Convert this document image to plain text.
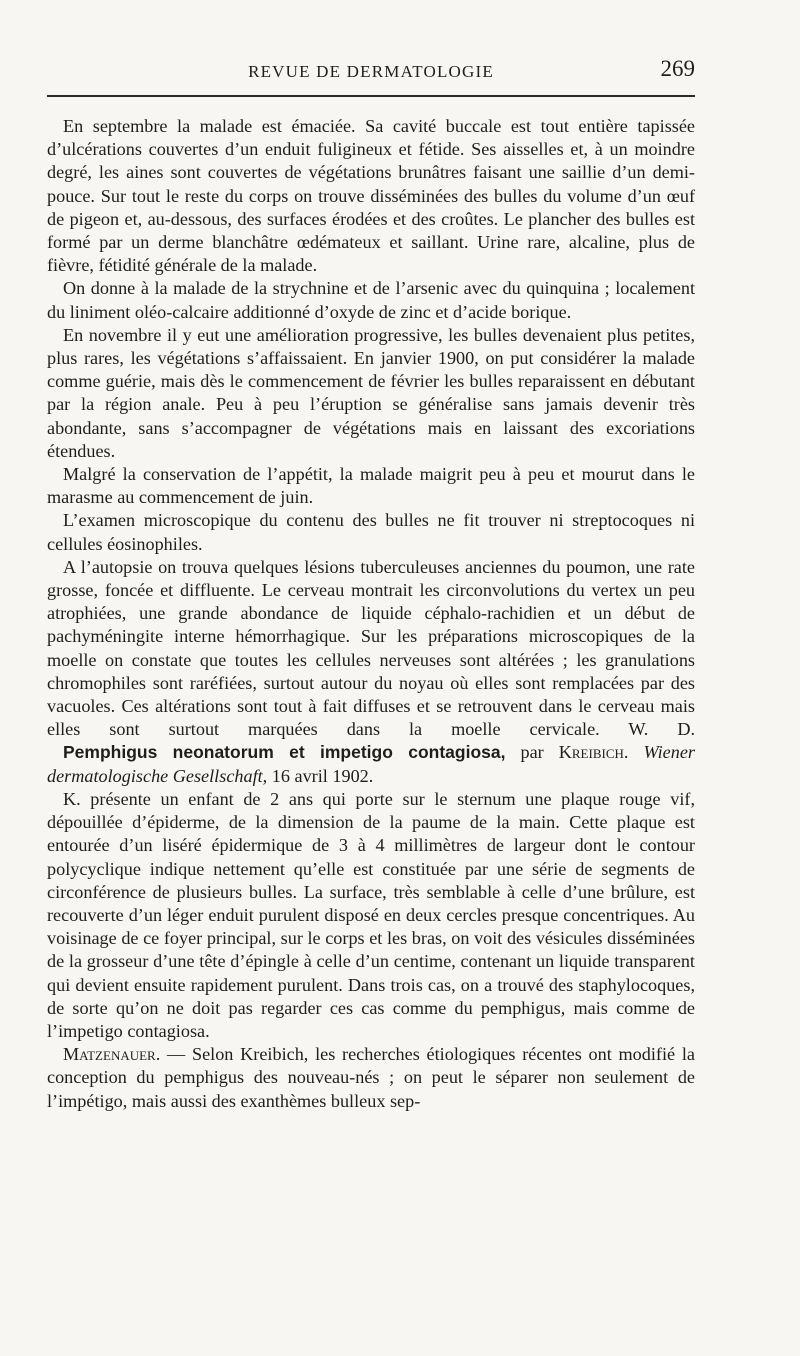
REVUE DE DERMATOLOGIE	269

En septembre la malade est émaciée. Sa cavité buccale est tout entière tapissée d’ulcérations couvertes d’un enduit fuligineux et fétide. Ses aisselles et, à un moindre degré, les aines sont couvertes de végétations brunâtres faisant une saillie d’un demi-pouce. Sur tout le reste du corps on trouve disséminées des bulles du volume d’un œuf de pigeon et, au-dessous, des surfaces érodées et des croûtes. Le plancher des bulles est formé par un derme blanchâtre œdémateux et saillant. Urine rare, alcaline, plus de fièvre, fétidité générale de la malade.

On donne à la malade de la strychnine et de l’arsenic avec du quinquina ; localement du liniment oléo-calcaire additionné d’oxyde de zinc et d’acide borique.

En novembre il y eut une amélioration progressive, les bulles devenaient plus petites, plus rares, les végétations s’affaissaient. En janvier 1900, on put considérer la malade comme guérie, mais dès le commencement de février les bulles reparaissent en débutant par la région anale. Peu à peu l’éruption se généralise sans jamais devenir très abondante, sans s’accompagner de végétations mais en laissant des excoriations étendues.

Malgré la conservation de l’appétit, la malade maigrit peu à peu et mourut dans le marasme au commencement de juin.

L’examen microscopique du contenu des bulles ne fit trouver ni streptocoques ni cellules éosinophiles.

A l’autopsie on trouva quelques lésions tuberculeuses anciennes du poumon, une rate grosse, foncée et diffluente. Le cerveau montrait les circonvolutions du vertex un peu atrophiées, une grande abondance de liquide céphalo-rachidien et un début de pachyméningite interne hémorrhagique. Sur les préparations microscopiques de la moelle on constate que toutes les cellules nerveuses sont altérées ; les granulations chromophiles sont raréfiées, surtout autour du noyau où elles sont remplacées par des vacuoles. Ces altérations sont tout à fait diffuses et se retrouvent dans le cerveau mais elles sont surtout marquées dans la moelle cervicale. W. D.

Pemphigus neonatorum et impetigo contagiosa, par Kreibich. Wiener dermatologische Gesellschaft, 16 avril 1902.

K. présente un enfant de 2 ans qui porte sur le sternum une plaque rouge vif, dépouillée d’épiderme, de la dimension de la paume de la main. Cette plaque est entourée d’un liséré épidermique de 3 à 4 millimètres de largeur dont le contour polycyclique indique nettement qu’elle est constituée par une série de segments de circonférence de plusieurs bulles. La surface, très semblable à celle d’une brûlure, est recouverte d’un léger enduit purulent disposé en deux cercles presque concentriques. Au voisinage de ce foyer principal, sur le corps et les bras, on voit des vésicules disséminées de la grosseur d’une tête d’épingle à celle d’un centime, contenant un liquide transparent qui devient ensuite rapidement purulent. Dans trois cas, on a trouvé des staphylocoques, de sorte qu’on ne doit pas regarder ces cas comme du pemphigus, mais comme de l’impetigo contagiosa.

Matzenauer. — Selon Kreibich, les recherches étiologiques récentes ont modifié la conception du pemphigus des nouveau-nés ; on peut le séparer non seulement de l’impétigo, mais aussi des exanthèmes bulleux sep-
